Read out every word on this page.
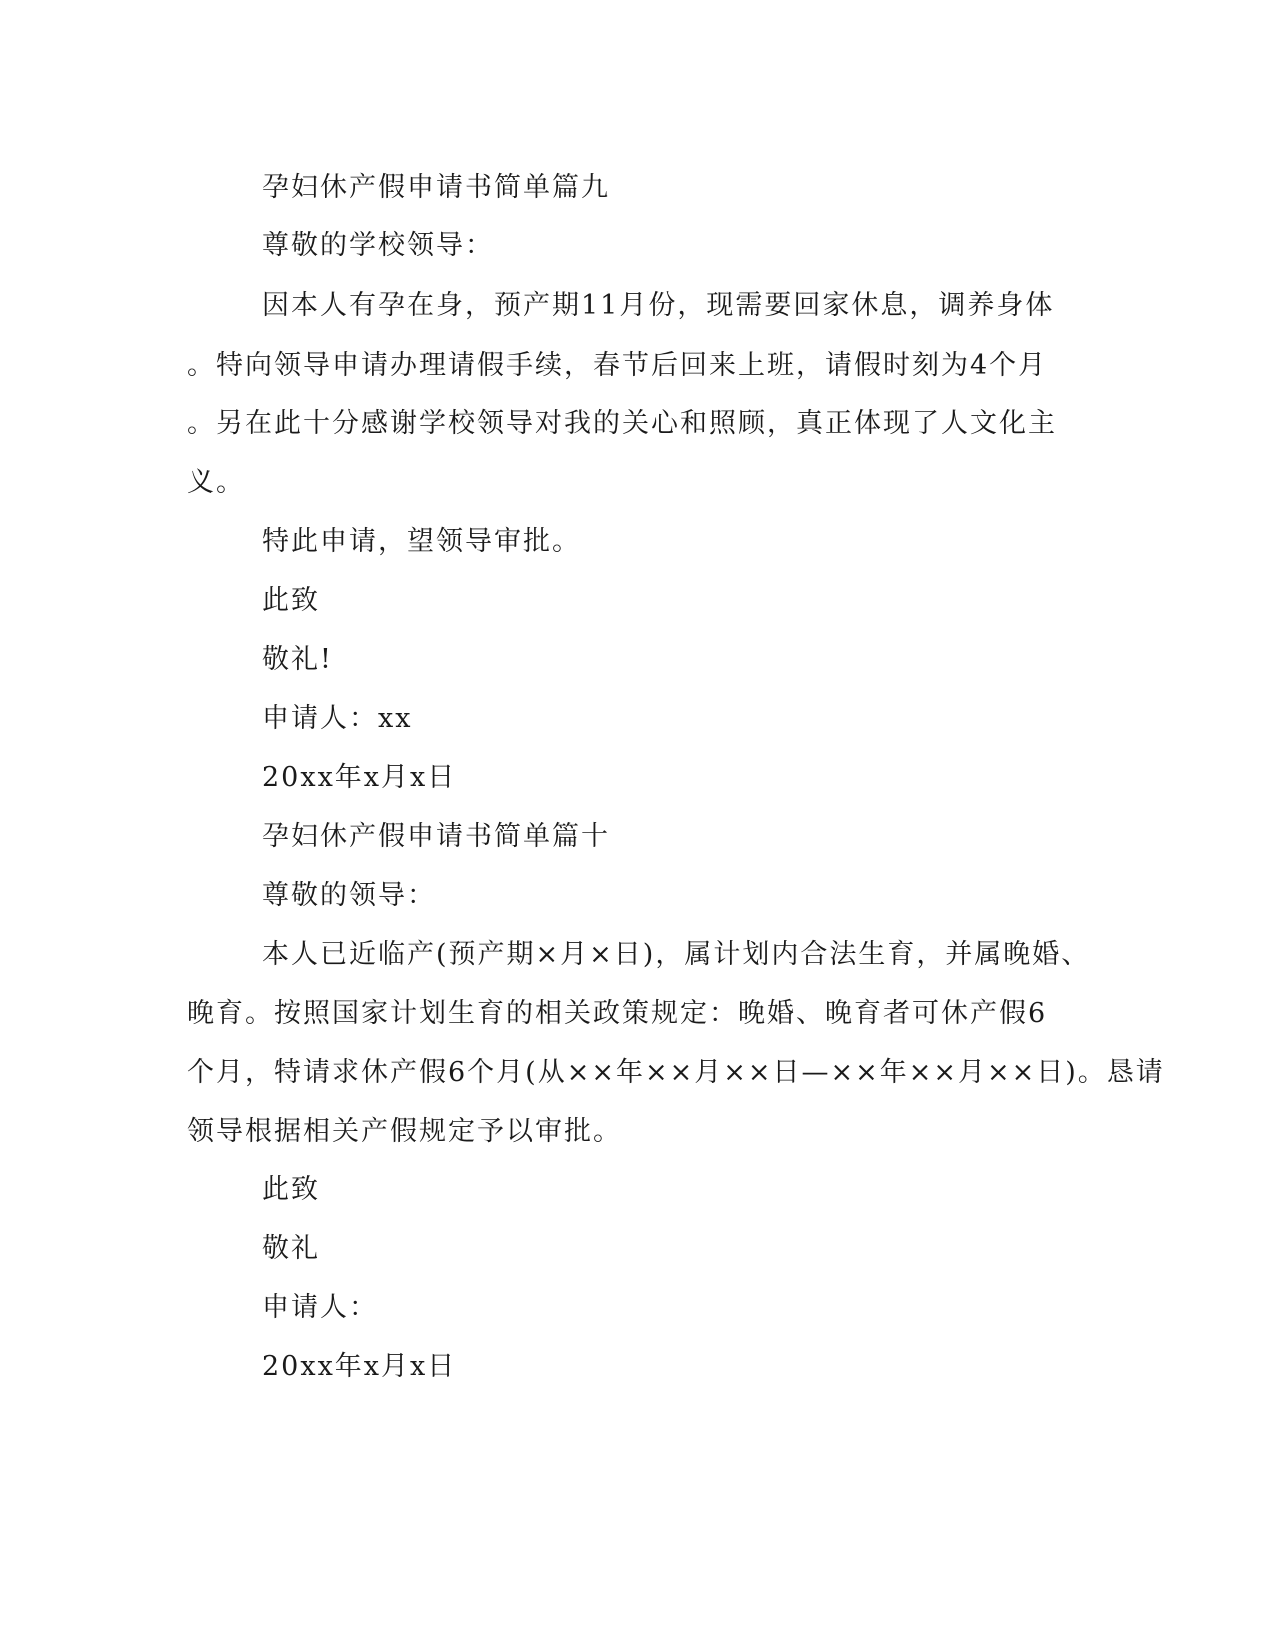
孕妇休产假申请书简单篇九
尊敬的学校领导：
因本人有孕在身，预产期11月份，现需要回家休息，调养身体
。特向领导申请办理请假手续，春节后回来上班，请假时刻为4个月
。另在此十分感谢学校领导对我的关心和照顾，真正体现了人文化主
义。
特此申请，望领导审批。
此致
敬礼!
申请人：xx
20xx年x月x日
孕妇休产假申请书简单篇十
尊敬的领导：
本人已近临产(预产期×月×日)，属计划内合法生育，并属晚婚、
晚育。按照国家计划生育的相关政策规定：晚婚、晚育者可休产假6
个月，特请求休产假6个月(从××年××月××日—××年××月××日)。恳请
领导根据相关产假规定予以审批。
此致
敬礼
申请人：
20xx年x月x日
